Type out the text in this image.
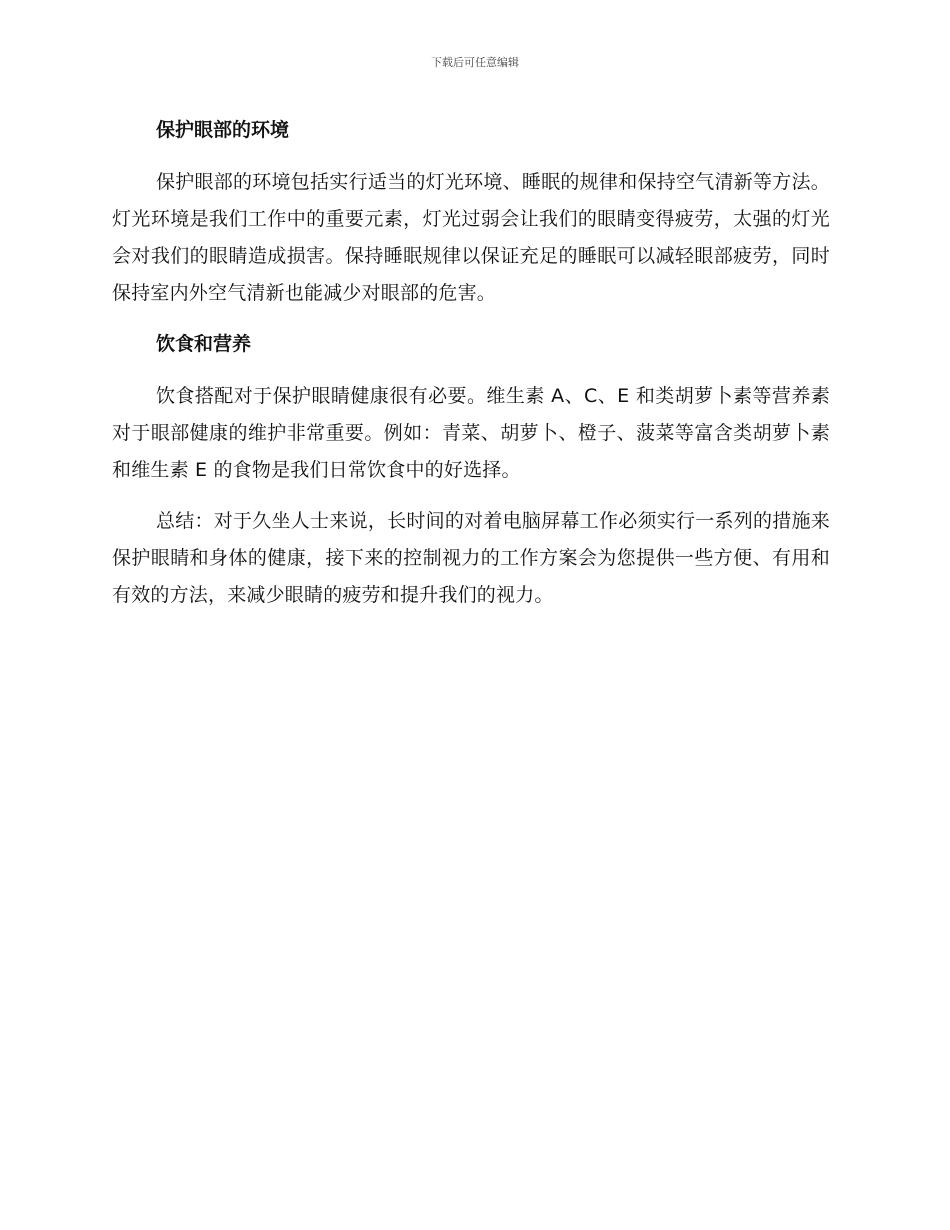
下载后可任意编辑
保护眼部的环境

保护眼部的环境包括实行适当的灯光环境、睡眠的规律和保持空气清新等方法。灯光环境是我们工作中的重要元素，灯光过弱会让我们的眼睛变得疲劳，太强的灯光会对我们的眼睛造成损害。保持睡眠规律以保证充足的睡眠可以减轻眼部疲劳，同时保持室内外空气清新也能减少对眼部的危害。

饮食和营养

饮食搭配对于保护眼睛健康很有必要。维生素 A、C、E 和类胡萝卜素等营养素对于眼部健康的维护非常重要。例如：青菜、胡萝卜、橙子、菠菜等富含类胡萝卜素和维生素 E 的食物是我们日常饮食中的好选择。

总结：对于久坐人士来说，长时间的对着电脑屏幕工作必须实行一系列的措施来保护眼睛和身体的健康，接下来的控制视力的工作方案会为您提供一些方便、有用和有效的方法，来减少眼睛的疲劳和提升我们的视力。
